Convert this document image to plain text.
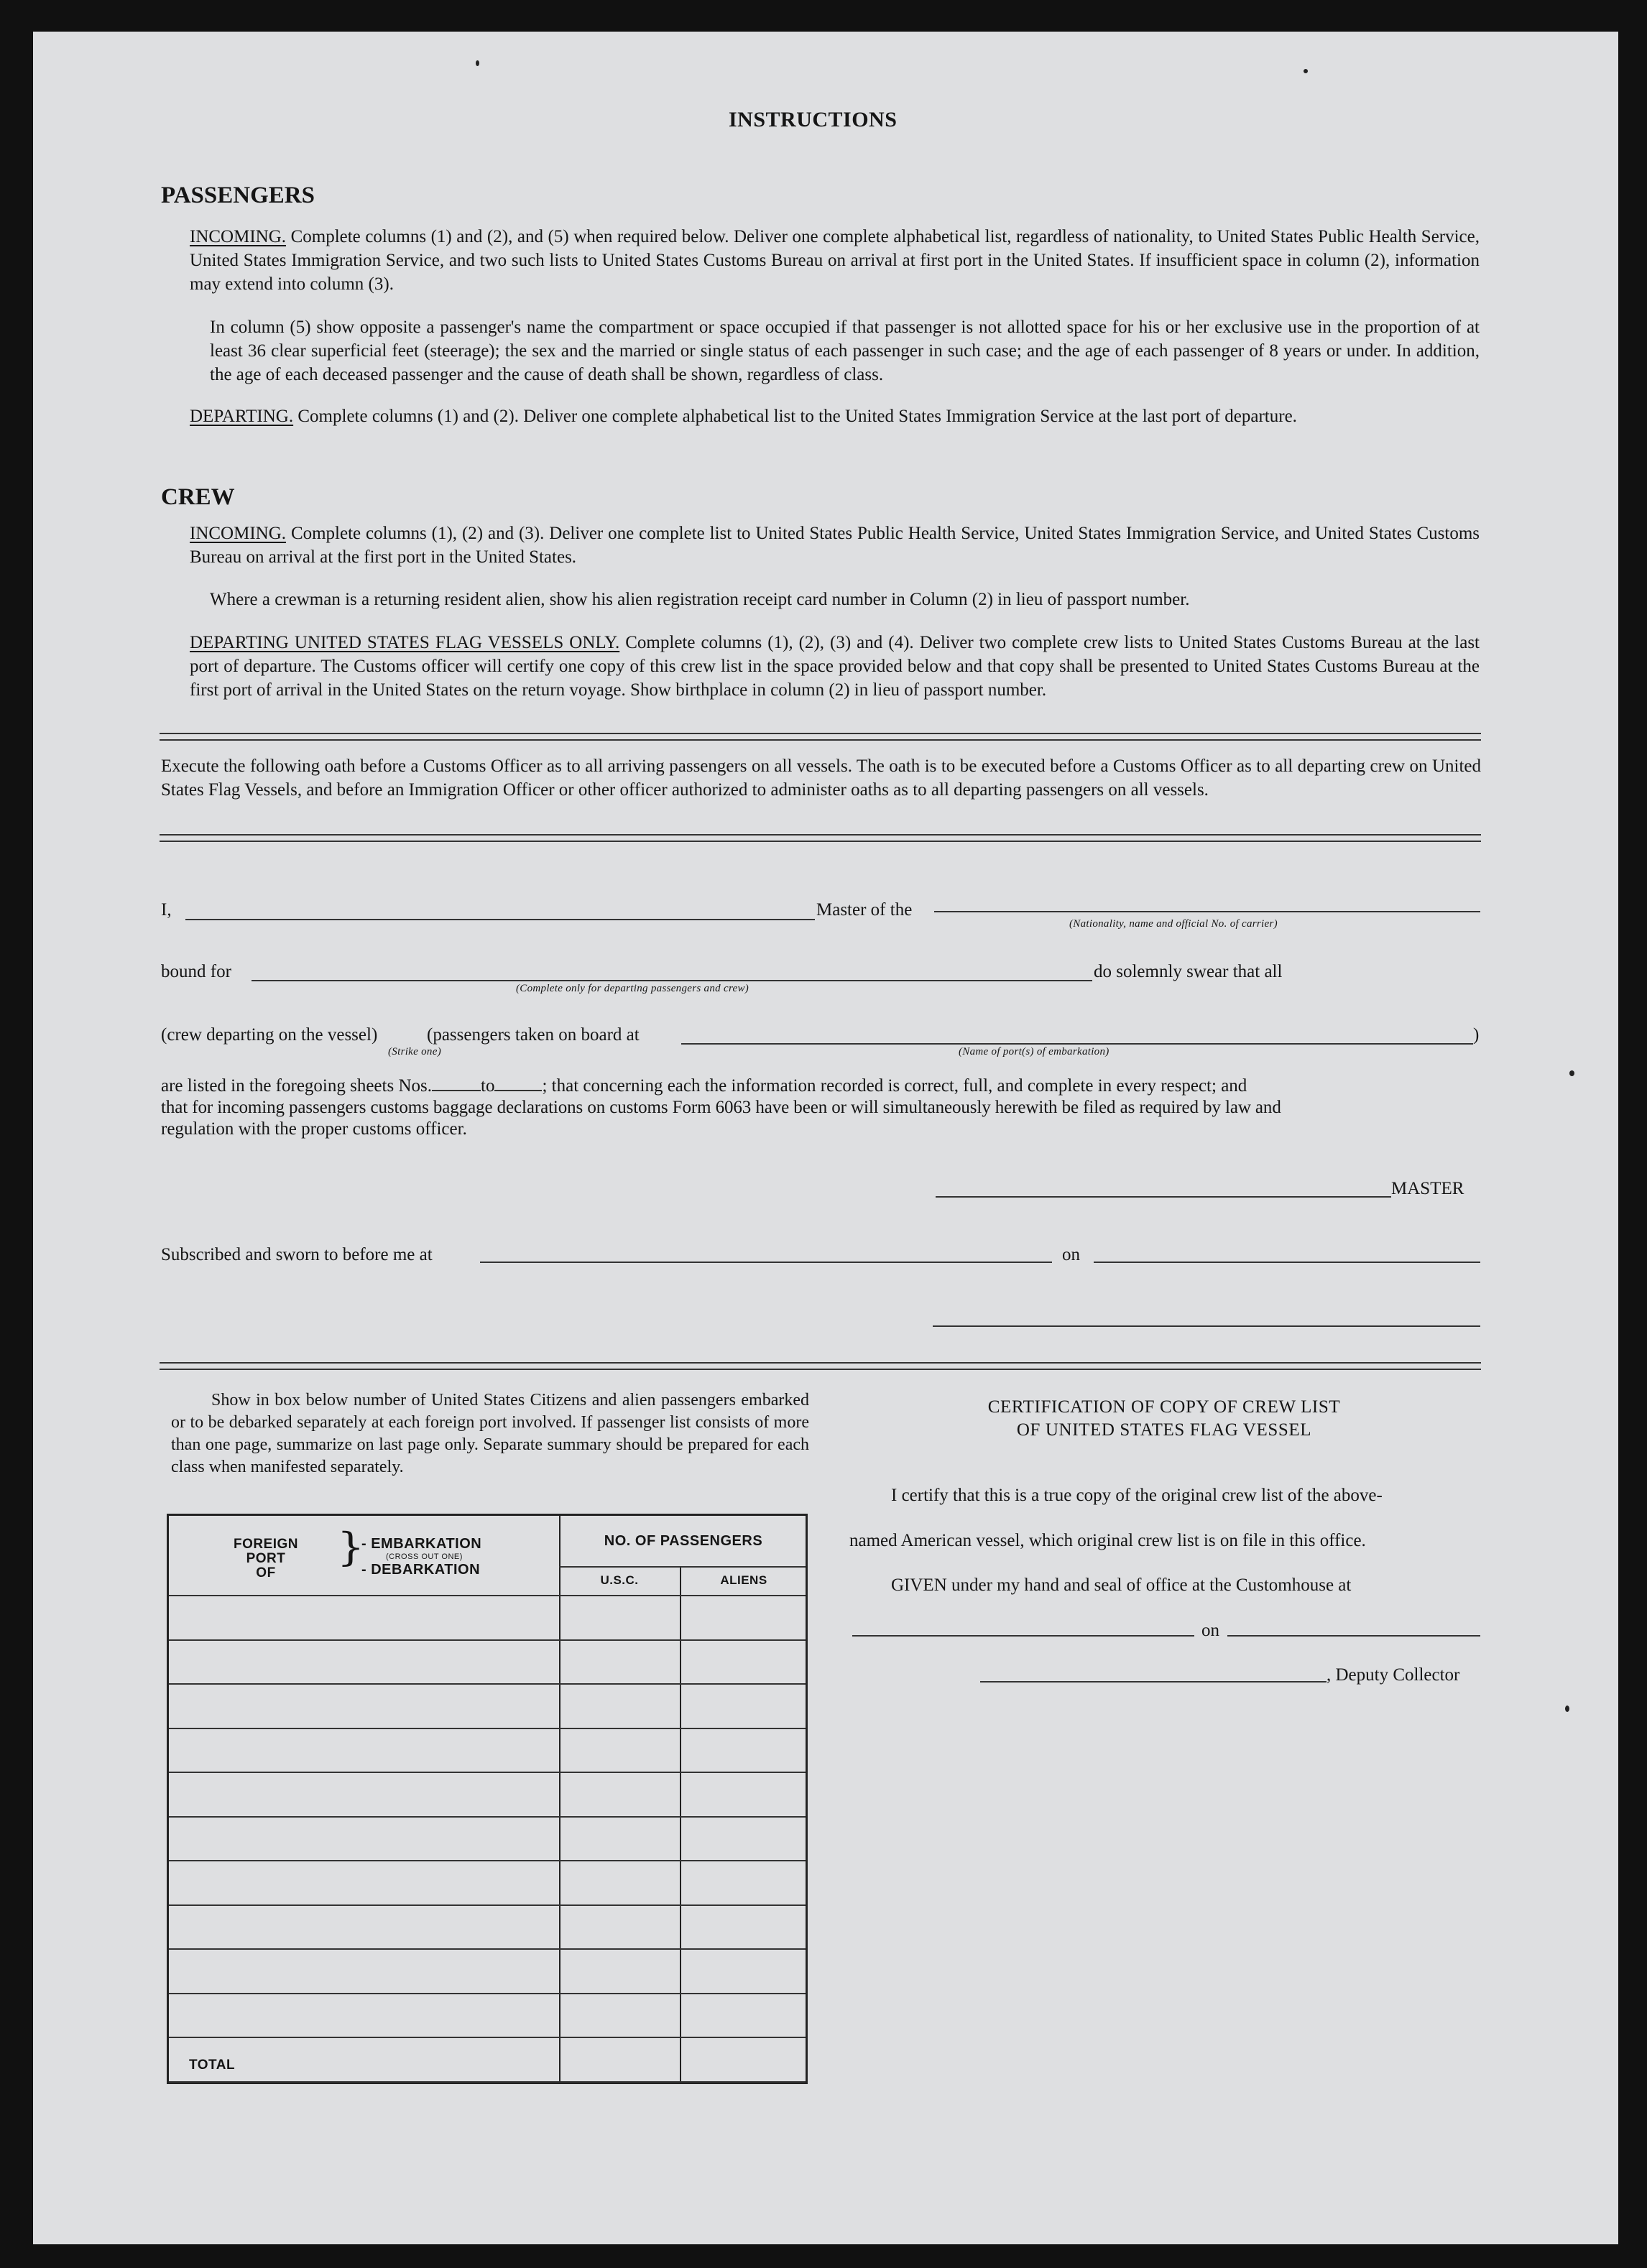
INSTRUCTIONS
PASSENGERS
INCOMING. Complete columns (1) and (2), and (5) when required below. Deliver one complete alphabetical list, regardless of nationality, to United States Public Health Service, United States Immigration Service, and two such lists to United States Customs Bureau on arrival at first port in the United States. If insufficient space in column (2), information may extend into column (3).
In column (5) show opposite a passenger's name the compartment or space occupied if that passenger is not allotted space for his or her exclusive use in the proportion of at least 36 clear superficial feet (steerage); the sex and the married or single status of each passenger in such case; and the age of each passenger of 8 years or under. In addition, the age of each deceased passenger and the cause of death shall be shown, regardless of class.
DEPARTING. Complete columns (1) and (2). Deliver one complete alphabetical list to the United States Immigration Service at the last port of departure.
CREW
INCOMING. Complete columns (1), (2) and (3). Deliver one complete list to United States Public Health Service, United States Immigration Service, and United States Customs Bureau on arrival at the first port in the United States.
Where a crewman is a returning resident alien, show his alien registration receipt card number in Column (2) in lieu of passport number.
DEPARTING UNITED STATES FLAG VESSELS ONLY. Complete columns (1), (2), (3) and (4). Deliver two complete crew lists to United States Customs Bureau at the last port of departure. The Customs officer will certify one copy of this crew list in the space provided below and that copy shall be presented to United States Customs Bureau at the first port of arrival in the United States on the return voyage. Show birthplace in column (2) in lieu of passport number.
Execute the following oath before a Customs Officer as to all arriving passengers on all vessels. The oath is to be executed before a Customs Officer as to all departing crew on United States Flag Vessels, and before an Immigration Officer or other officer authorized to administer oaths as to all departing passengers on all vessels.
I,	Master of the
(Nationality, name and official No. of carrier)
bound for	do solemnly swear that all
(Complete only for departing passengers and crew)
(crew departing on the vessel)	(passengers taken on board at	)
(Strike one)	(Name of port(s) of embarkation)
are listed in the foregoing sheets Nos.	to	; that concerning each the information recorded is correct, full, and complete in every respect; and
that for incoming passengers customs baggage declarations on customs Form 6063 have been or will simultaneously herewith be filed as required by law and
regulation with the proper customs officer.
MASTER
Subscribed and sworn to before me at	on
Show in box below number of United States Citizens and alien passengers embarked or to be debarked separately at each foreign port involved. If passenger list consists of more than one page, summarize on last page only. Separate summary should be prepared for each class when manifested separately.
FOREIGN
PORT
OF
}
- EMBARKATION
(CROSS OUT ONE)
- DEBARKATION
NO. OF PASSENGERS
U.S.C.	ALIENS
TOTAL
CERTIFICATION OF COPY OF CREW LIST
OF UNITED STATES FLAG VESSEL
I certify that this is a true copy of the original crew list of the above-
named American vessel, which original crew list is on file in this office.
GIVEN under my hand and seal of office at the Customhouse at
on
, Deputy Collector
